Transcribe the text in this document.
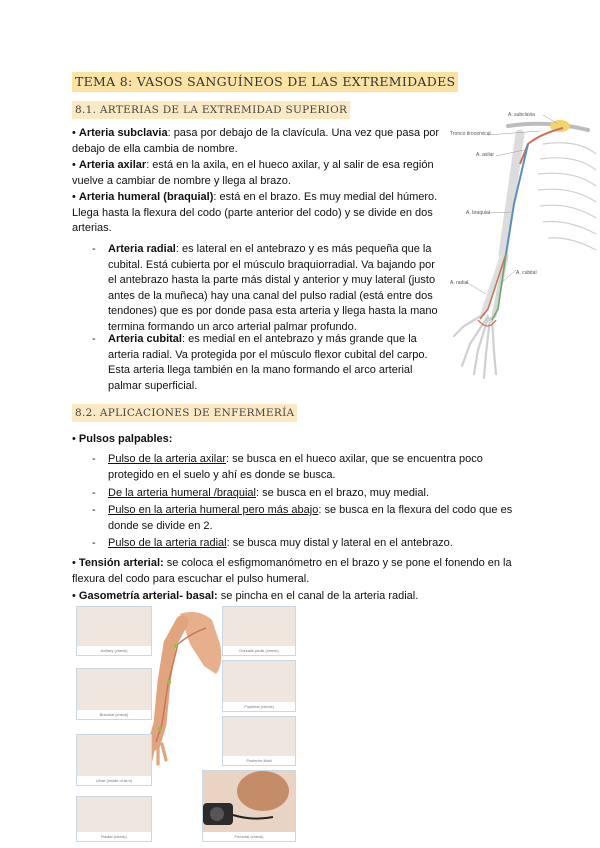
TEMA 8: VASOS SANGUÍNEOS DE LAS EXTREMIDADES
8.1. ARTERIAS DE LA EXTREMIDAD SUPERIOR

• Arteria subclavia: pasa por debajo de la clavícula. Una vez que pasa por debajo de ella cambia de nombre.

• Arteria axilar: está en la axila, en el hueco axilar, y al salir de esa región vuelve a cambiar de nombre y llega al brazo.

• Arteria humeral (braquial): está en el brazo. Es muy medial del húmero. Llega hasta la flexura del codo (parte anterior del codo) y se divide en dos arterias.

- Arteria radial: es lateral en el antebrazo y es más pequeña que la cubital. Está cubierta por el músculo braquiorradial. Va bajando por el antebrazo hasta la parte más distal y anterior y muy lateral (justo antes de la muñeca) hay una canal del pulso radial (está entre dos tendones) que es por donde pasa esta arteria y llega hasta la mano termina formando un arco arterial palmar profundo.

- Arteria cubital: es medial en el antebrazo y más grande que la arteria radial. Va protegida por el músculo flexor cubital del carpo. Esta arteria llega también en la mano formando el arco arterial palmar superficial.

A. subclavia
Tronco tirocervical
A. axilar
A. braquial
A. cubital
A. radial
8.2. APLICACIONES DE ENFERMERÍA

• Pulsos palpables:

- Pulso de la arteria axilar: se busca en el hueco axilar, que se encuentra poco protegido en el suelo y ahí es donde se busca.

- De la arteria humeral /braquial: se busca en el brazo, muy medial.

- Pulso en la arteria humeral pero más abajo: se busca en la flexura del codo que es donde se divide en 2.

- Pulso de la arteria radial: se busca muy distal y lateral en el antebrazo.

• Tensión arterial: se coloca el esfigmomanómetro en el brazo y se pone el fonendo en la flexura del codo para escuchar el pulso humeral.

• Gasometría arterial- basal: se pincha en el canal de la arteria radial.

Axillary (check)
Brachial (check)
Ulnar (inside of arm)
Radial (check)
Dorsalis pedis (check)
Popliteal (check)
Posterior tibial
Femoral (check)
